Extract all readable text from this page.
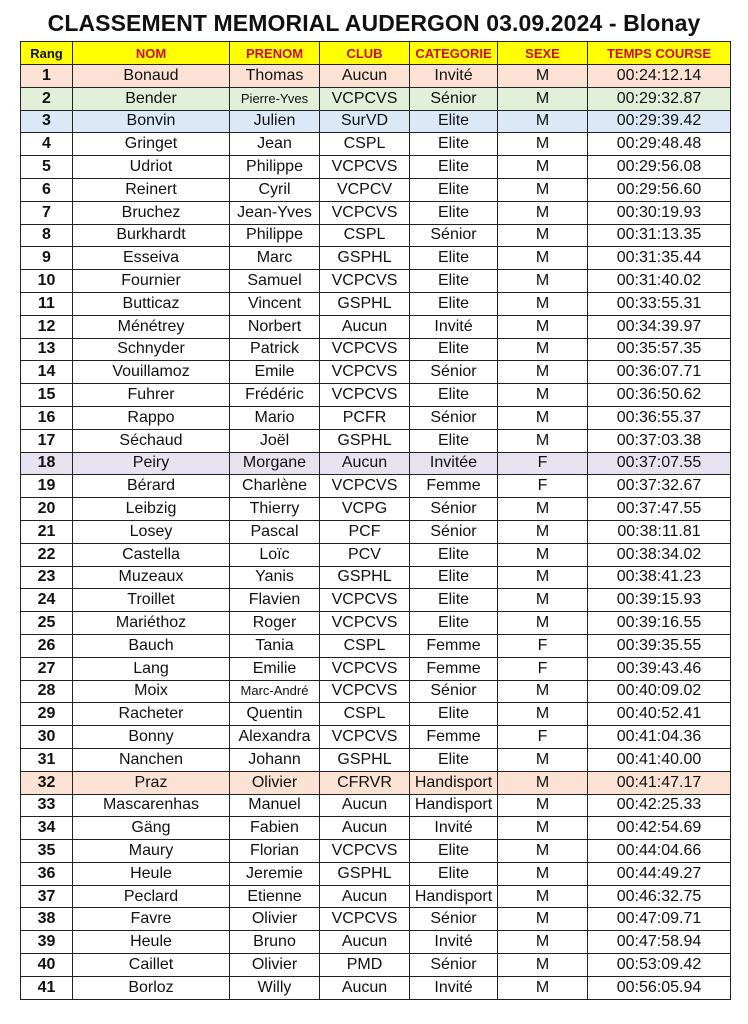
CLASSEMENT MEMORIAL AUDERGON 03.09.2024 - Blonay
Rang	NOM	PRENOM	CLUB	CATEGORIE	SEXE	TEMPS COURSE
1	Bonaud	Thomas	Aucun	Invité	M	00:24:12.14
2	Bender	Pierre-Yves	VCPCVS	Sénior	M	00:29:32.87
3	Bonvin	Julien	SurVD	Elite	M	00:29:39.42
4	Gringet	Jean	CSPL	Elite	M	00:29:48.48
5	Udriot	Philippe	VCPCVS	Elite	M	00:29:56.08
6	Reinert	Cyril	VCPCV	Elite	M	00:29:56.60
7	Bruchez	Jean-Yves	VCPCVS	Elite	M	00:30:19.93
8	Burkhardt	Philippe	CSPL	Sénior	M	00:31:13.35
9	Esseiva	Marc	GSPHL	Elite	M	00:31:35.44
10	Fournier	Samuel	VCPCVS	Elite	M	00:31:40.02
11	Butticaz	Vincent	GSPHL	Elite	M	00:33:55.31
12	Ménétrey	Norbert	Aucun	Invité	M	00:34:39.97
13	Schnyder	Patrick	VCPCVS	Elite	M	00:35:57.35
14	Vouillamoz	Emile	VCPCVS	Sénior	M	00:36:07.71
15	Fuhrer	Frédéric	VCPCVS	Elite	M	00:36:50.62
16	Rappo	Mario	PCFR	Sénior	M	00:36:55.37
17	Séchaud	Joël	GSPHL	Elite	M	00:37:03.38
18	Peiry	Morgane	Aucun	Invitée	F	00:37:07.55
19	Bérard	Charlène	VCPCVS	Femme	F	00:37:32.67
20	Leibzig	Thierry	VCPG	Sénior	M	00:37:47.55
21	Losey	Pascal	PCF	Sénior	M	00:38:11.81
22	Castella	Loïc	PCV	Elite	M	00:38:34.02
23	Muzeaux	Yanis	GSPHL	Elite	M	00:38:41.23
24	Troillet	Flavien	VCPCVS	Elite	M	00:39:15.93
25	Mariéthoz	Roger	VCPCVS	Elite	M	00:39:16.55
26	Bauch	Tania	CSPL	Femme	F	00:39:35.55
27	Lang	Emilie	VCPCVS	Femme	F	00:39:43.46
28	Moix	Marc-André	VCPCVS	Sénior	M	00:40:09.02
29	Racheter	Quentin	CSPL	Elite	M	00:40:52.41
30	Bonny	Alexandra	VCPCVS	Femme	F	00:41:04.36
31	Nanchen	Johann	GSPHL	Elite	M	00:41:40.00
32	Praz	Olivier	CFRVR	Handisport	M	00:41:47.17
33	Mascarenhas	Manuel	Aucun	Handisport	M	00:42:25.33
34	Gäng	Fabien	Aucun	Invité	M	00:42:54.69
35	Maury	Florian	VCPCVS	Elite	M	00:44:04.66
36	Heule	Jeremie	GSPHL	Elite	M	00:44:49.27
37	Peclard	Etienne	Aucun	Handisport	M	00:46:32.75
38	Favre	Olivier	VCPCVS	Sénior	M	00:47:09.71
39	Heule	Bruno	Aucun	Invité	M	00:47:58.94
40	Caillet	Olivier	PMD	Sénior	M	00:53:09.42
41	Borloz	Willy	Aucun	Invité	M	00:56:05.94
